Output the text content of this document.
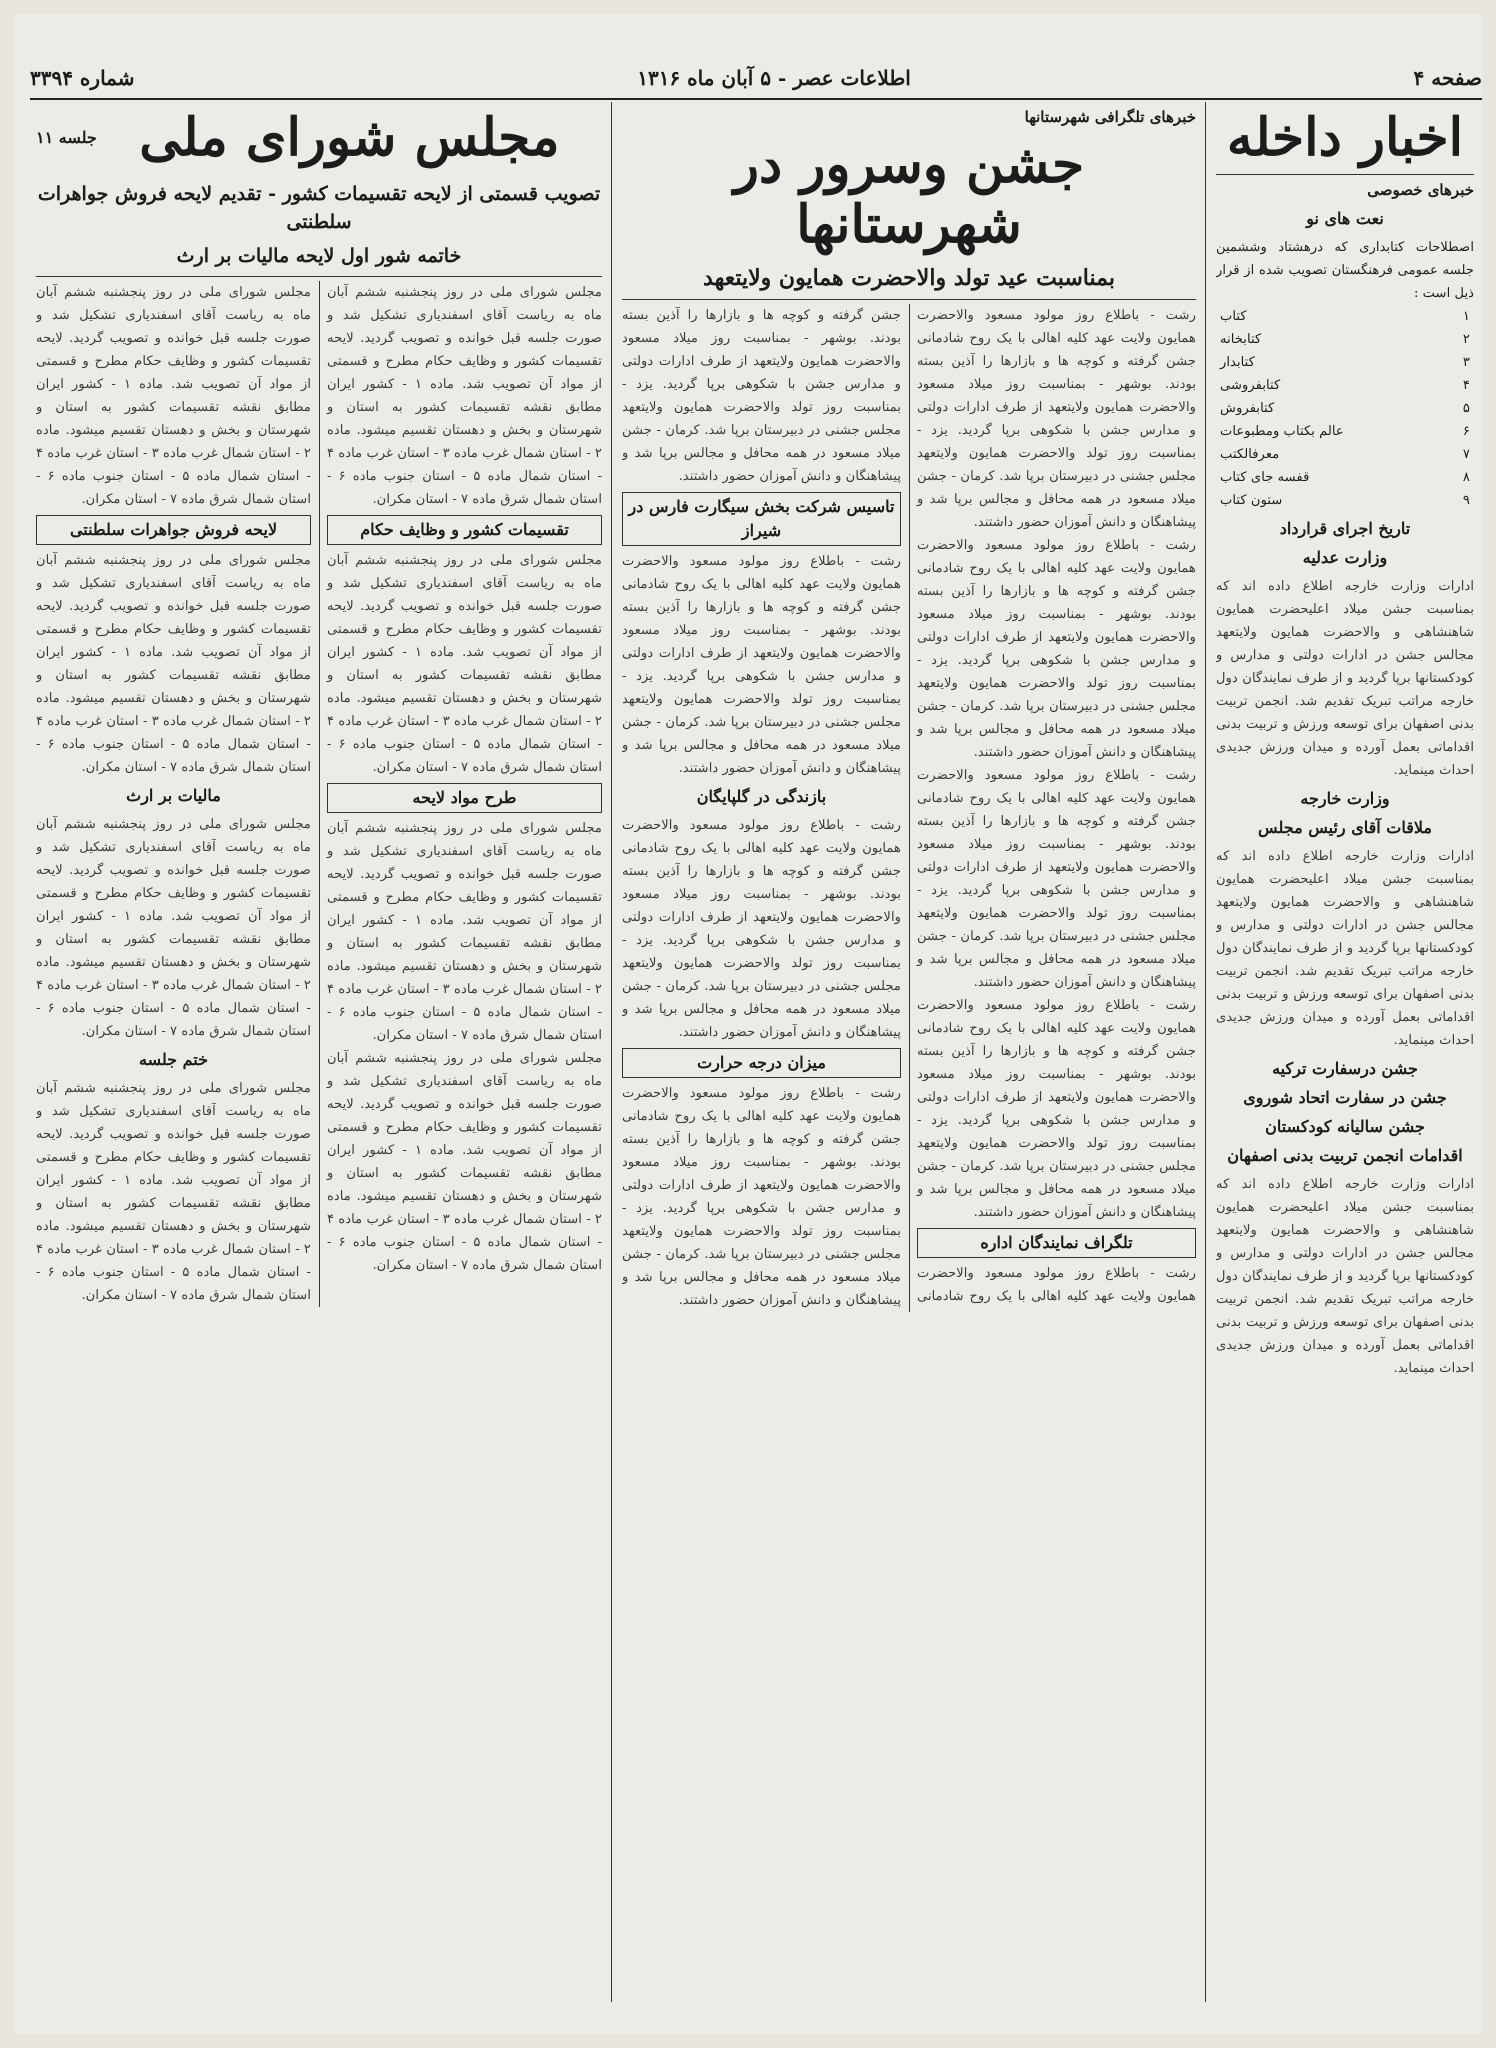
صفحه ۴
اطلاعات عصر - ۵ آبان ماه ۱۳۱۶
شماره ۳۳۹۴
اخبار داخله
خبرهای خصوصی
نعت های نو

اصطلاحات کتابداری که درهشتاد وششمین جلسه عمومی فرهنگستان تصویب شده از قرار ذیل است :

۱
کتاب
۲
کتابخانه
۳
کتابدار
۴
کتابفروشی
۵
کتابفروش
۶
عالم بکتاب ومطبوعات
۷
معرفالکتب
۸
قفسه جای کتاب
۹
ستون کتاب
تاریخ اجرای قرارداد
وزارت عدلیه

ادارات وزارت خارجه اطلاع داده اند که بمناسبت جشن میلاد اعلیحضرت همایون شاهنشاهی و والاحضرت همایون ولایتعهد مجالس جشن در ادارات دولتی و مدارس و کودکستانها برپا گردید و از طرف نمایندگان دول خارجه مراتب تبریک تقدیم شد. انجمن تربیت بدنی اصفهان برای توسعه ورزش و تربیت بدنی اقداماتی بعمل آورده و میدان ورزش جدیدی احداث مینماید.

وزارت خارجه
ملاقات آقای رئیس مجلس

ادارات وزارت خارجه اطلاع داده اند که بمناسبت جشن میلاد اعلیحضرت همایون شاهنشاهی و والاحضرت همایون ولایتعهد مجالس جشن در ادارات دولتی و مدارس و کودکستانها برپا گردید و از طرف نمایندگان دول خارجه مراتب تبریک تقدیم شد. انجمن تربیت بدنی اصفهان برای توسعه ورزش و تربیت بدنی اقداماتی بعمل آورده و میدان ورزش جدیدی احداث مینماید.

جشن درسفارت ترکیه
جشن در سفارت اتحاد شوروی
جشن سالیانه کودکستان
اقدامات انجمن تربیت بدنی اصفهان

ادارات وزارت خارجه اطلاع داده اند که بمناسبت جشن میلاد اعلیحضرت همایون شاهنشاهی و والاحضرت همایون ولایتعهد مجالس جشن در ادارات دولتی و مدارس و کودکستانها برپا گردید و از طرف نمایندگان دول خارجه مراتب تبریک تقدیم شد. انجمن تربیت بدنی اصفهان برای توسعه ورزش و تربیت بدنی اقداماتی بعمل آورده و میدان ورزش جدیدی احداث مینماید.

خبرهای تلگرافی شهرستانها
جشن وسرور در شهرستانها
بمناسبت عید تولد والاحضرت همایون ولایتعهد

رشت - باطلاع روز مولود مسعود والاحضرت همایون ولایت عهد کلیه اهالی با یک روح شادمانی جشن گرفته و کوچه ها و بازارها را آذین بسته بودند. بوشهر - بمناسبت روز میلاد مسعود والاحضرت همایون ولایتعهد از طرف ادارات دولتی و مدارس جشن با شکوهی برپا گردید. یزد - بمناسبت روز تولد والاحضرت همایون ولایتعهد مجلس جشنی در دبیرستان برپا شد. کرمان - جشن میلاد مسعود در همه محافل و مجالس برپا شد و پیشاهنگان و دانش آموزان حضور داشتند.

رشت - باطلاع روز مولود مسعود والاحضرت همایون ولایت عهد کلیه اهالی با یک روح شادمانی جشن گرفته و کوچه ها و بازارها را آذین بسته بودند. بوشهر - بمناسبت روز میلاد مسعود والاحضرت همایون ولایتعهد از طرف ادارات دولتی و مدارس جشن با شکوهی برپا گردید. یزد - بمناسبت روز تولد والاحضرت همایون ولایتعهد مجلس جشنی در دبیرستان برپا شد. کرمان - جشن میلاد مسعود در همه محافل و مجالس برپا شد و پیشاهنگان و دانش آموزان حضور داشتند.

رشت - باطلاع روز مولود مسعود والاحضرت همایون ولایت عهد کلیه اهالی با یک روح شادمانی جشن گرفته و کوچه ها و بازارها را آذین بسته بودند. بوشهر - بمناسبت روز میلاد مسعود والاحضرت همایون ولایتعهد از طرف ادارات دولتی و مدارس جشن با شکوهی برپا گردید. یزد - بمناسبت روز تولد والاحضرت همایون ولایتعهد مجلس جشنی در دبیرستان برپا شد. کرمان - جشن میلاد مسعود در همه محافل و مجالس برپا شد و پیشاهنگان و دانش آموزان حضور داشتند.

رشت - باطلاع روز مولود مسعود والاحضرت همایون ولایت عهد کلیه اهالی با یک روح شادمانی جشن گرفته و کوچه ها و بازارها را آذین بسته بودند. بوشهر - بمناسبت روز میلاد مسعود والاحضرت همایون ولایتعهد از طرف ادارات دولتی و مدارس جشن با شکوهی برپا گردید. یزد - بمناسبت روز تولد والاحضرت همایون ولایتعهد مجلس جشنی در دبیرستان برپا شد. کرمان - جشن میلاد مسعود در همه محافل و مجالس برپا شد و پیشاهنگان و دانش آموزان حضور داشتند.

تلگراف نمایندگان اداره

رشت - باطلاع روز مولود مسعود والاحضرت همایون ولایت عهد کلیه اهالی با یک روح شادمانی جشن گرفته و کوچه ها و بازارها را آذین بسته بودند. بوشهر - بمناسبت روز میلاد مسعود والاحضرت همایون ولایتعهد از طرف ادارات دولتی و مدارس جشن با شکوهی برپا گردید. یزد - بمناسبت روز تولد والاحضرت همایون ولایتعهد مجلس جشنی در دبیرستان برپا شد. کرمان - جشن میلاد مسعود در همه محافل و مجالس برپا شد و پیشاهنگان و دانش آموزان حضور داشتند.

تاسیس شرکت بخش سیگارت فارس در شیراز

رشت - باطلاع روز مولود مسعود والاحضرت همایون ولایت عهد کلیه اهالی با یک روح شادمانی جشن گرفته و کوچه ها و بازارها را آذین بسته بودند. بوشهر - بمناسبت روز میلاد مسعود والاحضرت همایون ولایتعهد از طرف ادارات دولتی و مدارس جشن با شکوهی برپا گردید. یزد - بمناسبت روز تولد والاحضرت همایون ولایتعهد مجلس جشنی در دبیرستان برپا شد. کرمان - جشن میلاد مسعود در همه محافل و مجالس برپا شد و پیشاهنگان و دانش آموزان حضور داشتند.

بازندگی در گلپایگان

رشت - باطلاع روز مولود مسعود والاحضرت همایون ولایت عهد کلیه اهالی با یک روح شادمانی جشن گرفته و کوچه ها و بازارها را آذین بسته بودند. بوشهر - بمناسبت روز میلاد مسعود والاحضرت همایون ولایتعهد از طرف ادارات دولتی و مدارس جشن با شکوهی برپا گردید. یزد - بمناسبت روز تولد والاحضرت همایون ولایتعهد مجلس جشنی در دبیرستان برپا شد. کرمان - جشن میلاد مسعود در همه محافل و مجالس برپا شد و پیشاهنگان و دانش آموزان حضور داشتند.

میزان درجه حرارت

رشت - باطلاع روز مولود مسعود والاحضرت همایون ولایت عهد کلیه اهالی با یک روح شادمانی جشن گرفته و کوچه ها و بازارها را آذین بسته بودند. بوشهر - بمناسبت روز میلاد مسعود والاحضرت همایون ولایتعهد از طرف ادارات دولتی و مدارس جشن با شکوهی برپا گردید. یزد - بمناسبت روز تولد والاحضرت همایون ولایتعهد مجلس جشنی در دبیرستان برپا شد. کرمان - جشن میلاد مسعود در همه محافل و مجالس برپا شد و پیشاهنگان و دانش آموزان حضور داشتند.

مجلس شورای ملی
جلسه ۱۱
تصویب قسمتی از لایحه تقسیمات کشور - تقدیم لایحه فروش جواهرات سلطنتی
خاتمه شور اول لایحه مالیات بر ارث

مجلس شورای ملی در روز پنجشنبه ششم آبان ماه به ریاست آقای اسفندیاری تشکیل شد و صورت جلسه قبل خوانده و تصویب گردید. لایحه تقسیمات کشور و وظایف حکام مطرح و قسمتی از مواد آن تصویب شد. ماده ۱ - کشور ایران مطابق نقشه تقسیمات کشور به استان و شهرستان و بخش و دهستان تقسیم میشود. ماده ۲ - استان شمال غرب ماده ۳ - استان غرب ماده ۴ - استان شمال ماده ۵ - استان جنوب ماده ۶ - استان شمال شرق ماده ۷ - استان مکران.

تقسیمات کشور و وظایف حکام

مجلس شورای ملی در روز پنجشنبه ششم آبان ماه به ریاست آقای اسفندیاری تشکیل شد و صورت جلسه قبل خوانده و تصویب گردید. لایحه تقسیمات کشور و وظایف حکام مطرح و قسمتی از مواد آن تصویب شد. ماده ۱ - کشور ایران مطابق نقشه تقسیمات کشور به استان و شهرستان و بخش و دهستان تقسیم میشود. ماده ۲ - استان شمال غرب ماده ۳ - استان غرب ماده ۴ - استان شمال ماده ۵ - استان جنوب ماده ۶ - استان شمال شرق ماده ۷ - استان مکران.

طرح مواد لایحه

مجلس شورای ملی در روز پنجشنبه ششم آبان ماه به ریاست آقای اسفندیاری تشکیل شد و صورت جلسه قبل خوانده و تصویب گردید. لایحه تقسیمات کشور و وظایف حکام مطرح و قسمتی از مواد آن تصویب شد. ماده ۱ - کشور ایران مطابق نقشه تقسیمات کشور به استان و شهرستان و بخش و دهستان تقسیم میشود. ماده ۲ - استان شمال غرب ماده ۳ - استان غرب ماده ۴ - استان شمال ماده ۵ - استان جنوب ماده ۶ - استان شمال شرق ماده ۷ - استان مکران.

مجلس شورای ملی در روز پنجشنبه ششم آبان ماه به ریاست آقای اسفندیاری تشکیل شد و صورت جلسه قبل خوانده و تصویب گردید. لایحه تقسیمات کشور و وظایف حکام مطرح و قسمتی از مواد آن تصویب شد. ماده ۱ - کشور ایران مطابق نقشه تقسیمات کشور به استان و شهرستان و بخش و دهستان تقسیم میشود. ماده ۲ - استان شمال غرب ماده ۳ - استان غرب ماده ۴ - استان شمال ماده ۵ - استان جنوب ماده ۶ - استان شمال شرق ماده ۷ - استان مکران.

مجلس شورای ملی در روز پنجشنبه ششم آبان ماه به ریاست آقای اسفندیاری تشکیل شد و صورت جلسه قبل خوانده و تصویب گردید. لایحه تقسیمات کشور و وظایف حکام مطرح و قسمتی از مواد آن تصویب شد. ماده ۱ - کشور ایران مطابق نقشه تقسیمات کشور به استان و شهرستان و بخش و دهستان تقسیم میشود. ماده ۲ - استان شمال غرب ماده ۳ - استان غرب ماده ۴ - استان شمال ماده ۵ - استان جنوب ماده ۶ - استان شمال شرق ماده ۷ - استان مکران.

لایحه فروش جواهرات سلطنتی

مجلس شورای ملی در روز پنجشنبه ششم آبان ماه به ریاست آقای اسفندیاری تشکیل شد و صورت جلسه قبل خوانده و تصویب گردید. لایحه تقسیمات کشور و وظایف حکام مطرح و قسمتی از مواد آن تصویب شد. ماده ۱ - کشور ایران مطابق نقشه تقسیمات کشور به استان و شهرستان و بخش و دهستان تقسیم میشود. ماده ۲ - استان شمال غرب ماده ۳ - استان غرب ماده ۴ - استان شمال ماده ۵ - استان جنوب ماده ۶ - استان شمال شرق ماده ۷ - استان مکران.

مالیات بر ارث

مجلس شورای ملی در روز پنجشنبه ششم آبان ماه به ریاست آقای اسفندیاری تشکیل شد و صورت جلسه قبل خوانده و تصویب گردید. لایحه تقسیمات کشور و وظایف حکام مطرح و قسمتی از مواد آن تصویب شد. ماده ۱ - کشور ایران مطابق نقشه تقسیمات کشور به استان و شهرستان و بخش و دهستان تقسیم میشود. ماده ۲ - استان شمال غرب ماده ۳ - استان غرب ماده ۴ - استان شمال ماده ۵ - استان جنوب ماده ۶ - استان شمال شرق ماده ۷ - استان مکران.

ختم جلسه

مجلس شورای ملی در روز پنجشنبه ششم آبان ماه به ریاست آقای اسفندیاری تشکیل شد و صورت جلسه قبل خوانده و تصویب گردید. لایحه تقسیمات کشور و وظایف حکام مطرح و قسمتی از مواد آن تصویب شد. ماده ۱ - کشور ایران مطابق نقشه تقسیمات کشور به استان و شهرستان و بخش و دهستان تقسیم میشود. ماده ۲ - استان شمال غرب ماده ۳ - استان غرب ماده ۴ - استان شمال ماده ۵ - استان جنوب ماده ۶ - استان شمال شرق ماده ۷ - استان مکران.
